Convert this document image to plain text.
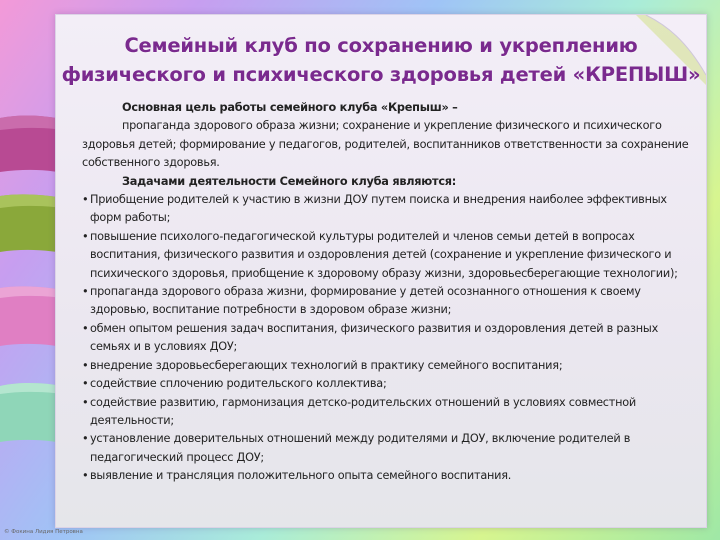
Семейный клуб по сохранению и укреплению физического и психического здоровья детей «КРЕПЫШ»
Основная цель работы семейного клуба «Крепыш» –
пропаганда здорового образа жизни; сохранение и укрепление физического и психического здоровья детей; формирование у педагогов, родителей, воспитанников ответственности за сохранение собственного здоровья.
Задачами деятельности Семейного клуба являются:
• Приобщение родителей к участию в жизни ДОУ путем поиска и внедрения наиболее эффективных форм работы;
• повышение психолого-педагогической культуры родителей и членов семьи детей в вопросах воспитания, физического развития и оздоровления детей (сохранение и укрепление физического и психического здоровья, приобщение к здоровому образу жизни, здоровьесберегающие технологии);
• пропаганда здорового образа жизни, формирование у детей осознанного отношения к своему здоровью, воспитание потребности в здоровом образе жизни;
• обмен опытом решения задач воспитания, физического развития и оздоровления детей в разных семьях и в условиях ДОУ;
• внедрение здоровьесберегающих технологий в практику семейного воспитания;
• содействие сплочению родительского коллектива;
• содействие развитию, гармонизация детско-родительских отношений в условиях совместной деятельности;
• установление доверительных отношений между родителями и ДОУ, включение родителей в педагогический процесс ДОУ;
• выявление и трансляция положительного опыта семейного воспитания.
© Фокина Лидия Петровна
